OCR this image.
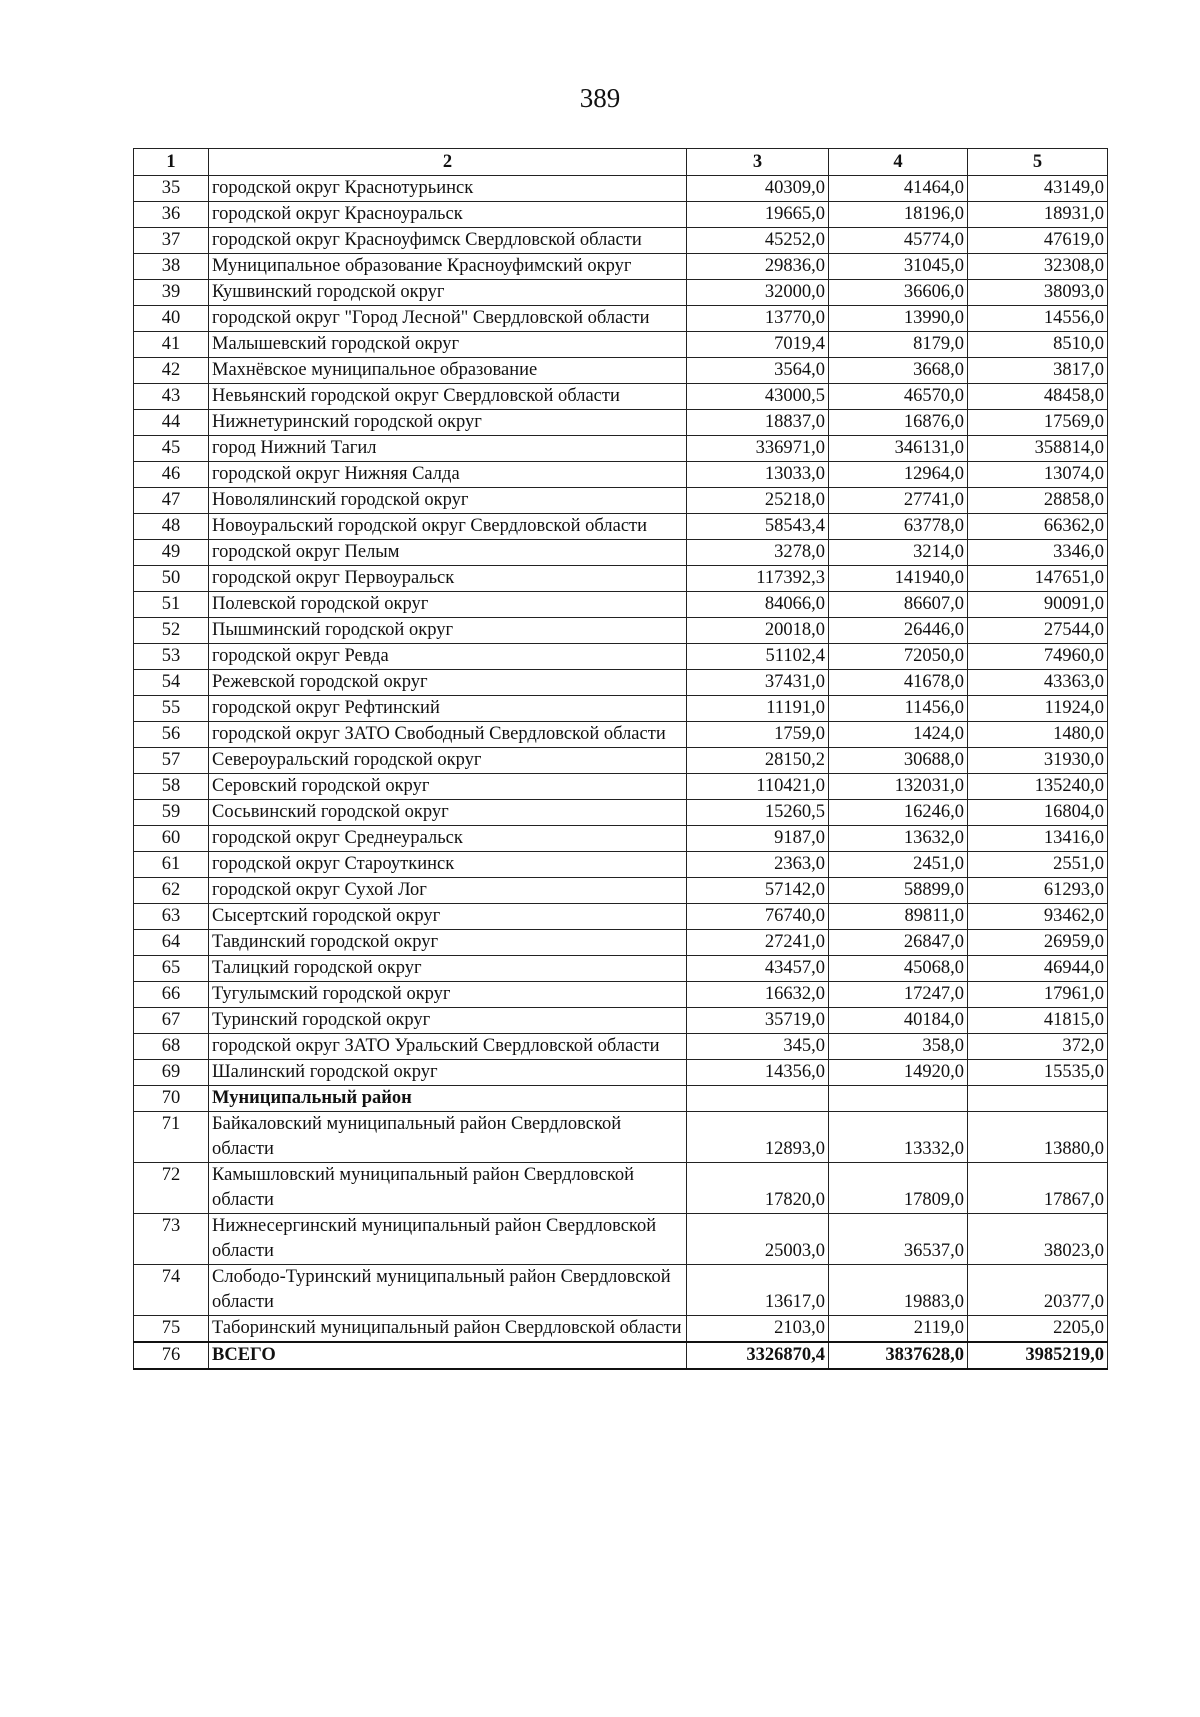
389
1	2	3	4	5
35	городской округ Краснотурьинск	40309,0	41464,0	43149,0
36	городской округ Красноуральск	19665,0	18196,0	18931,0
37	городской округ Красноуфимск Свердловской области	45252,0	45774,0	47619,0
38	Муниципальное образование Красноуфимский округ	29836,0	31045,0	32308,0
39	Кушвинский городской округ	32000,0	36606,0	38093,0
40	городской округ "Город Лесной" Свердловской области	13770,0	13990,0	14556,0
41	Малышевский городской округ	7019,4	8179,0	8510,0
42	Махнёвское муниципальное образование	3564,0	3668,0	3817,0
43	Невьянский городской округ Свердловской области	43000,5	46570,0	48458,0
44	Нижнетуринский городской округ	18837,0	16876,0	17569,0
45	город Нижний Тагил	336971,0	346131,0	358814,0
46	городской округ Нижняя Салда	13033,0	12964,0	13074,0
47	Новолялинский городской округ	25218,0	27741,0	28858,0
48	Новоуральский городской округ Свердловской области	58543,4	63778,0	66362,0
49	городской округ Пелым	3278,0	3214,0	3346,0
50	городской округ Первоуральск	117392,3	141940,0	147651,0
51	Полевской городской округ	84066,0	86607,0	90091,0
52	Пышминский городской округ	20018,0	26446,0	27544,0
53	городской округ Ревда	51102,4	72050,0	74960,0
54	Режевской городской округ	37431,0	41678,0	43363,0
55	городской округ Рефтинский	11191,0	11456,0	11924,0
56	городской округ ЗАТО Свободный Свердловской области	1759,0	1424,0	1480,0
57	Североуральский городской округ	28150,2	30688,0	31930,0
58	Серовский городской округ	110421,0	132031,0	135240,0
59	Сосьвинский городской округ	15260,5	16246,0	16804,0
60	городской округ Среднеуральск	9187,0	13632,0	13416,0
61	городской округ Староуткинск	2363,0	2451,0	2551,0
62	городской округ Сухой Лог	57142,0	58899,0	61293,0
63	Сысертский городской округ	76740,0	89811,0	93462,0
64	Тавдинский городской округ	27241,0	26847,0	26959,0
65	Талицкий городской округ	43457,0	45068,0	46944,0
66	Тугулымский городской округ	16632,0	17247,0	17961,0
67	Туринский городской округ	35719,0	40184,0	41815,0
68	городской округ ЗАТО Уральский Свердловской области	345,0	358,0	372,0
69	Шалинский городской округ	14356,0	14920,0	15535,0
70	Муниципальный район			
71	Байкаловский муниципальный район Свердловской области	12893,0	13332,0	13880,0
72	Камышловский муниципальный район Свердловской области	17820,0	17809,0	17867,0
73	Нижнесергинский муниципальный район Свердловской области	25003,0	36537,0	38023,0
74	Слободо-Туринский муниципальный район Свердловской области	13617,0	19883,0	20377,0
75	Таборинский муниципальный район Свердловской области	2103,0	2119,0	2205,0
76	ВСЕГО	3326870,4	3837628,0	3985219,0
